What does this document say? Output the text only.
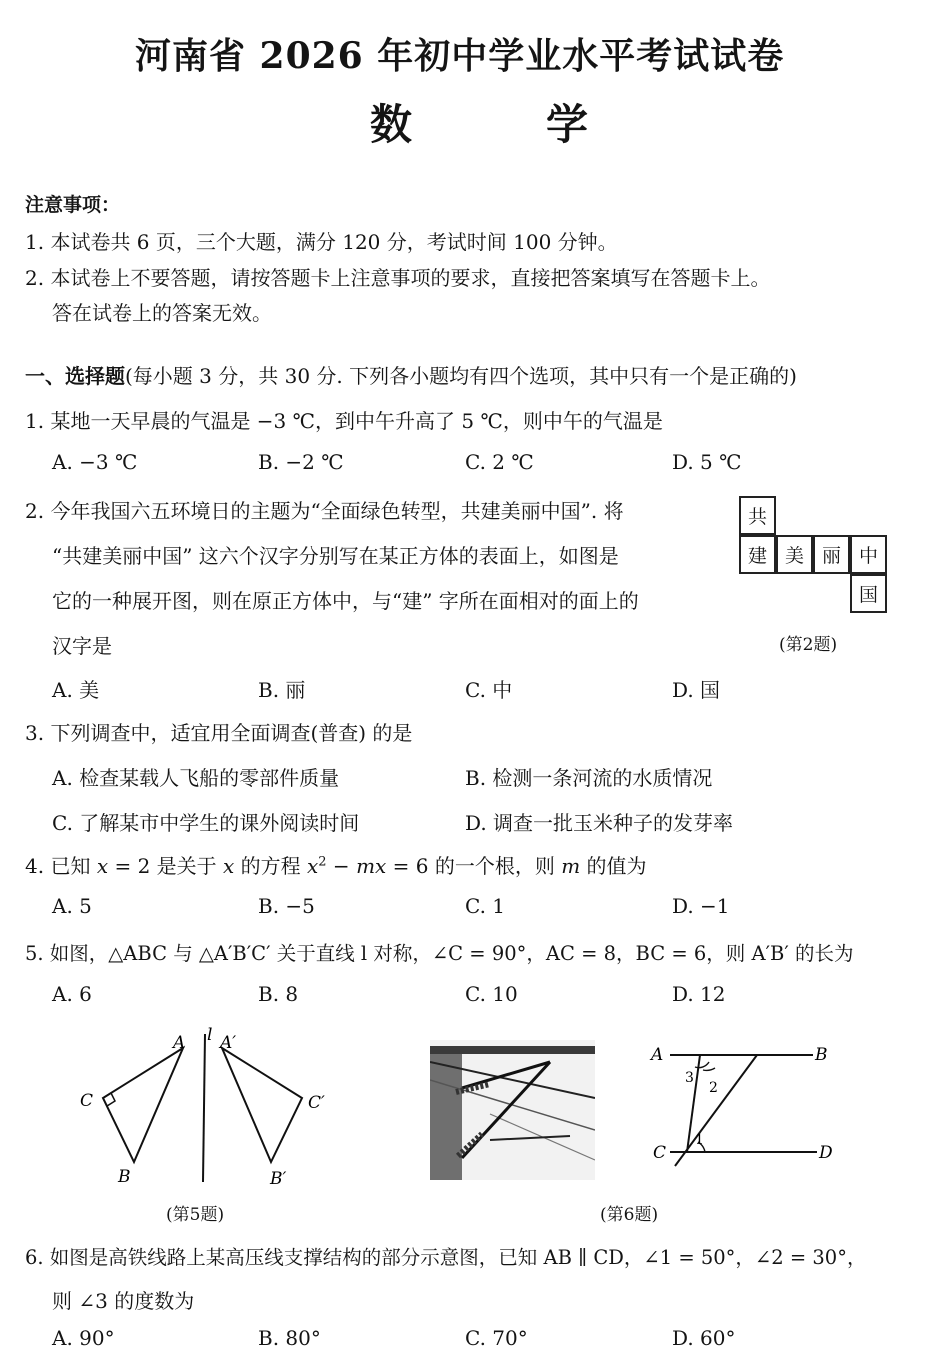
河南省 2026 年初中学业水平考试试卷
数　学
注意事项：
1. 本试卷共 6 页，三个大题，满分 120 分，考试时间 100 分钟。
2. 本试卷上不要答题，请按答题卡上注意事项的要求，直接把答案填写在答题卡上。
答在试卷上的答案无效。
一、选择题(每小题 3 分，共 30 分. 下列各小题均有四个选项，其中只有一个是正确的)
1. 某地一天早晨的气温是 −3 ℃，到中午升高了 5 ℃，则中午的气温是
A. −3 ℃	B. −2 ℃	C. 2 ℃	D. 5 ℃
2. 今年我国六五环境日的主题为“全面绿色转型，共建美丽中国”. 将
“共建美丽中国” 这六个汉字分别写在某正方体的表面上，如图是
它的一种展开图，则在原正方体中，与“建” 字所在面相对的面上的
汉字是
共
建 美 丽 中
国
(第2题)
A. 美	B. 丽	C. 中	D. 国
3. 下列调查中，适宜用全面调查(普查) 的是
A. 检查某载人飞船的零部件质量	B. 检测一条河流的水质情况
C. 了解某市中学生的课外阅读时间	D. 调查一批玉米种子的发芽率
4. 已知 x = 2 是关于 x 的方程 $x^2$ − mx = 6 的一个根，则 m 的值为
A. 5	B. −5	C. 1	D. −1
5. 如图，△ABC 与 △A′B′C′ 关于直线 l 对称，∠C = 90°，AC = 8，BC = 6，则 A′B′ 的长为
A. 6	B. 8	C. 10	D. 12
A
B
C
l A′
B′
C′
(第5题)
A	B
C	D
1
2
3
(第6题)
6. 如图是高铁线路上某高压线支撑结构的部分示意图，已知 AB ∥ CD，∠1 = 50°，∠2 = 30°，
则 ∠3 的度数为
A. 90°	B. 80°	C. 70°	D. 60°
